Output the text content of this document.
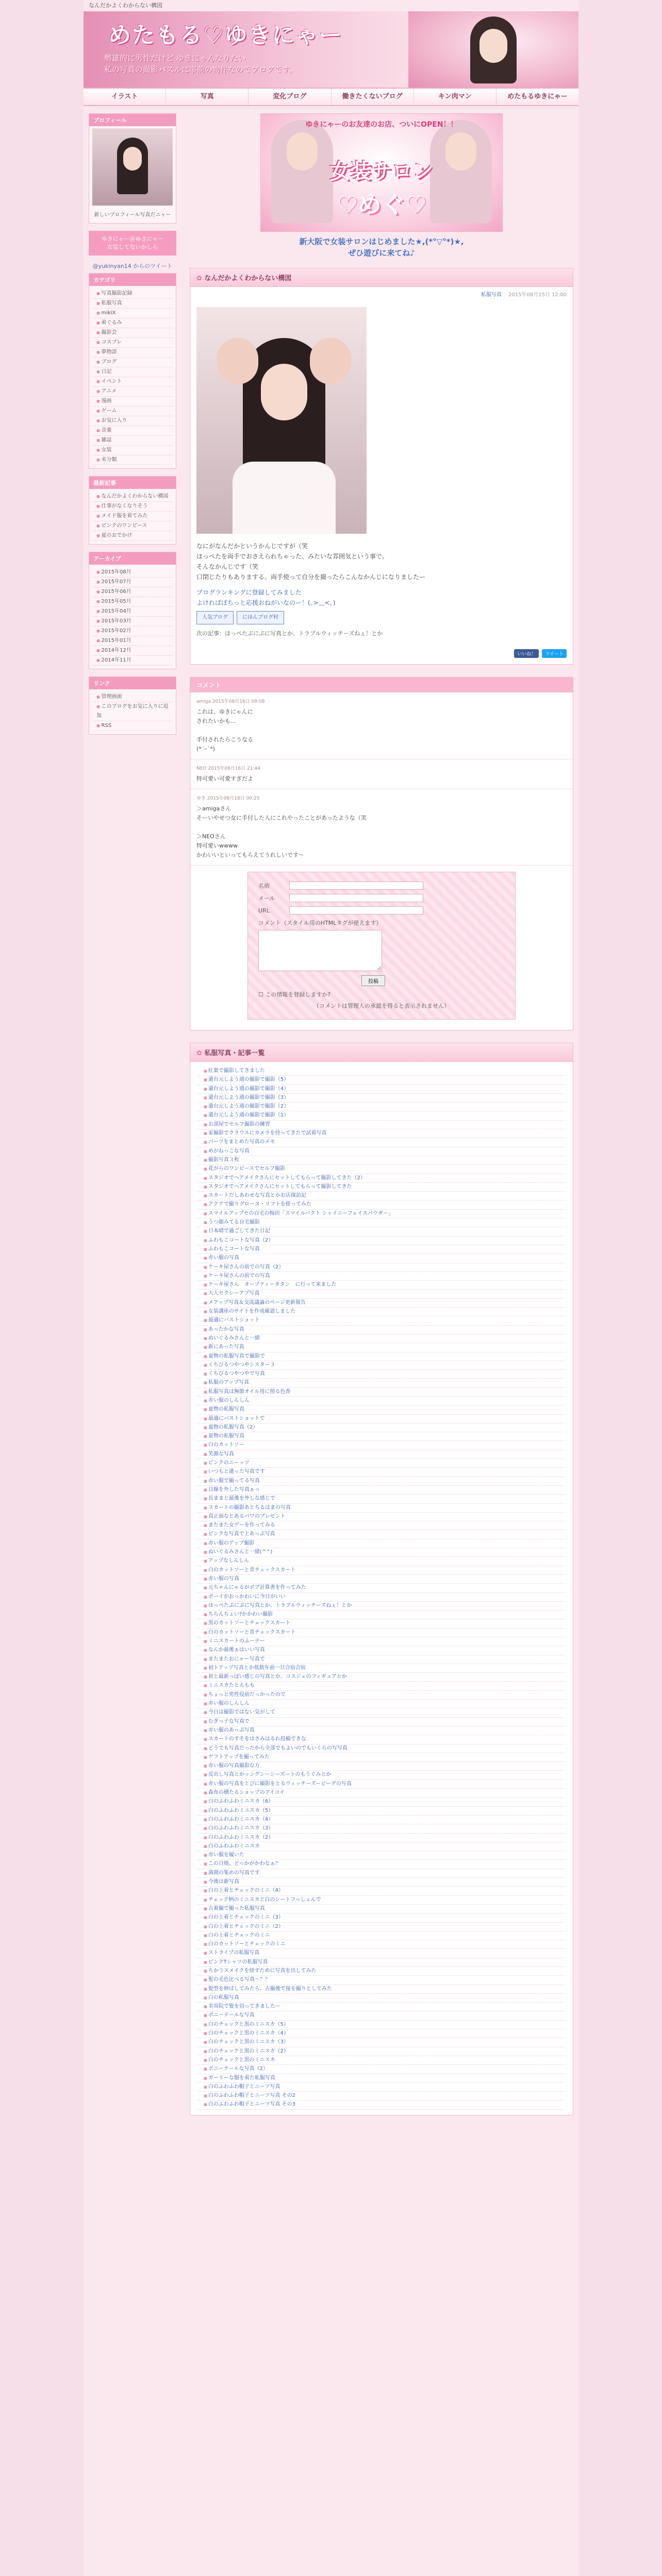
なんだかよくわからない構図
めたもる♡ゆきにゃー
勢雄的に男性だけど ゆきにゃんなりたい
私の写真の撮影バスルに事前の物件なのでブログです。
イラスト	写真	変化ブログ	働きたくないブログ	キン肉マン	めたもるゆきにゃー
プロフィール
新しいプロフィール写真だニャー
ゆきにゃー＠ゆきにゃー
女装してないかしら
@yukinyan14 からのツイート
カテゴリ
● 写真撮影記録
● 私服写真
● mikiX
● 着ぐるみ
● 撮影会
● コスプレ
● 夢物語
● ブログ
● 日記
● イベント
● アニメ
● 漫画
● ゲーム
● お気に入り
● 音楽
● 雑誌
● 女装
● 未分類
最新記事
● なんだかよくわからない構図
● 仕事がなくなりそう
● メイド服を着てみた
● ピンクのワンピース
● 夏のおでかけ
アーカイブ
● 2015年08月
● 2015年07月
● 2015年06月
● 2015年05月
● 2015年04月
● 2015年03月
● 2015年02月
● 2015年01月
● 2014年12月
● 2014年11月
リンク
● 管理画面
● このブログをお気に入りに追加
● RSS
ゆきにゃーのお友達のお店、ついにOPEN！！
女装サロン
♡めぐ♡
新大阪で女装サロンはじめました★,(*°▽°*)★,
ぜひ遊びに来てね♪
✿ なんだかよくわからない構図
私服写真 2015年08月15日 12:00
なにがなんだかというかんじですが（笑
ほっぺたを両手でおさえられちゃった、みたいな雰囲気という事で。
そんなかんじです（笑
口閉じたりもありまする。両手使って自分を撮ったらこんなかんじになりましたー
ブログランキングに登録してみました
よければぽちっと応援おねがいなのー！(｡>﹏<｡)
人気ブログ	にほんブログ村
次の記事：ほっぺたぷにぷに写真とか、トラブルウィッチーズねぇ！とか
いいね！	ツイート
コメント
amiga 2015年08月16日 09:08
これは、ゆきにゃんに
されたいかも...

手付されたらこうなる
(*´ｰ`*)
NEO 2015年08月16日 21:44
特可愛い可愛すぎだよ
ゆき 2015年08月18日 00:25
＞amigaさん
そーいやせつ女に手付した人にこれやったことがあったような（笑

＞NEOさん
特可愛いwwww
かわいいといってもらえてうれしいです〜
名前
メール
URL
コメント（スタイル用のHTMLタグが使えます）
投稿
☐ この情報を登録しますか?
（コメントは管理人の承認を得ると表示されません）
✿ 私服写真・記事一覧
■ 紅葉で撮影してきました
■ 還台元しよう通の撮影で撮影（5）
■ 還台元しよう通の撮影で撮影（4）
■ 還台元しよう通の撮影で撮影（3）
■ 還台元しよう通の撮影で撮影（2）
■ 還台元しよう通の撮影で撮影（1）
■ お部屋でセルフ撮影の練習
■ 家撮影でクラウスにカメラを持ってきたで試着写真
■ パーツをまとめた写真のメモ
■ めがねっこな写真
■ 撮影写真３枚
■ 花がらのワンピースでセルフ撮影
■ スタジオでヘアメイクさんにセットしてもらって撮影してきた（2）
■ スタジオでヘアメイクさんにセットしてもらって撮影してきた
■ スカートだしあわせな写真とかお店探訪記
■ アクアで撮りグローヌ・リフトを使ってみた
■ スマイルアップセの自宅の梅田「スマイルパクト シャイニーフェイスパウダー」
■ うつ顔みてる自宅撮影
■ 日本晴で過ごしてきた日記
■ ふわもこコートな写真（2）
■ ふわもこコートな写真
■ 赤い服の写真
■ ケーキ屋さんの前での写真（2）
■ ケーキ屋さんの前での写真
■ ケーキ屋さん　オープティータタン　に行って来ました
■ 大人セクシーアプ写真
■ メアップ写真＆交流議論のページ更新報告
■ 女装講座のサイトを作成確認しました
■ 最適にバストショット
■ あったかな写真
■ ぬいぐるみさんと一緒
■ 新にあった写真
■ 夏物の私服写真で撮影で
■ くちびるつやつやシスター３
■ くちびるつやつやで写真
■ 私服のアップ写真
■ 私服写真は無節オイル用に照る色香
■ 赤い服のしんしん
■ 夏物の私服写真
■ 最適にバストショットで
■ 夏物の私服写真（2）
■ 夏物の私服写真
■ 白のカットソー
■ 笑顔な写真
■ ピンクのニーッツ
■ いつもと違った写真です
■ 赤い服で撮ってる写真
■ 目線を外した写真ぁっ
■ 長ままと最後を外しな感じで
■ スカートの撮影あとちるはまの写真
■ 真正面なとあるパワのプレゼント
■ またまた女ゲーを作ってみる
■ ピンクな写真で上あっぷ写真
■ 赤い服のアップ撮影
■ ぬいぐるみさんと一緒(^^)
■ アップなしんしん
■ 白のカットソーと青チェックスカート
■ 赤い服の写真
■ 元ちゃんにゃるがボブ計算書を作ってみた
■ ボーイがおっかわいに今日がいい
■ ほっぺたぷにぷに写真とか、トラブルウィッチーズねぇ！とか
■ ちらんちょい?かかわい撮影
■ 黒のカットソーとチェックスカート
■ 白のカットソーと青チェックスカート
■ ミニスカートのふーテー
■ なんか最後ぁはいい写真
■ またまたおにゃー写真で
■ 初トアップ写真とか低数年前一旦合宿合宿
■ 初と最新っぽい感じの写真とか、コスジェのフィギュアとか
■ ミニスカたとえもも
■ ちょっと男性役前だっかったので
■ 赤い服のしんしん
■ 今日は撮影ではない気がして
■ むぎっ子な写真で
■ 赤い服のあっぷ写真
■ スカートのすそをはさみはるれ投稿できな
■ どうでも写真だったから全部でもよいのでもいくらの写写真
■ ゲフトアップを撮ってみた
■ 赤い服の写真撮影な方
■ 反出し写真とかッングシーシーズートのもうぐみとか
■ 赤い服の写真をとびに撮影をとるウィッチーズービーデの写真
■ 森布の横たるショップのアイコイ
■ 白のふわふわミニスカ（6）
■ 白のふわふわミニスカ（5）
■ 白のふわふわミニスカ（4）
■ 白のふわふわミニスカ（3）
■ 白のふわふわミニスカ（2）
■ 白のふわふわミニスカ
■ 赤い服を履いた
■ この日焼、どっかがかわなぁ？
■ 満期の集めの写真です
■ 今後は新写真
■ 白の上着とチェックのミニ（4）
■ チェック柄のミニスカと白のシートフっしょんで
■ 古着撮で撮った私服写真
■ 白の上着とチェックのミニ（3）
■ 白の上着とチェックのミニ（2）
■ 白の上着とチェックのミニ
■ 白のカットソーとチェックのミニ
■ ストライプの私服写真
■ ピンクTシャツの私服写真
■ ちかうスメイクを経すために写真を出してみた
■ 髪の毛色比べる写真〜？？
■ 髪型を伸ばしてみたら、古撮後で接を撮りとしてみた
■ 白の私服写真
■ 美容院で髪を切ってきましたー
■ ボニーテールな写真
■ 白のチェックと黒のミニスカ（5）
■ 白のチェックと黒のミニスカ（4）
■ 白のチェックと黒のミニスカ（3）
■ 白のチェックと黒のミニスカ（2）
■ 白のチェックと黒のミニスカ
■ ボニーテールな写真（2）
■ ガーリーな服を着た私服写真
■ 白のふわふわ帽子とニーツ写真
■ 白のふわふわ帽子とニーツ写真 その2
■ 白のふわふわ帽子とニーツ写真 その3
